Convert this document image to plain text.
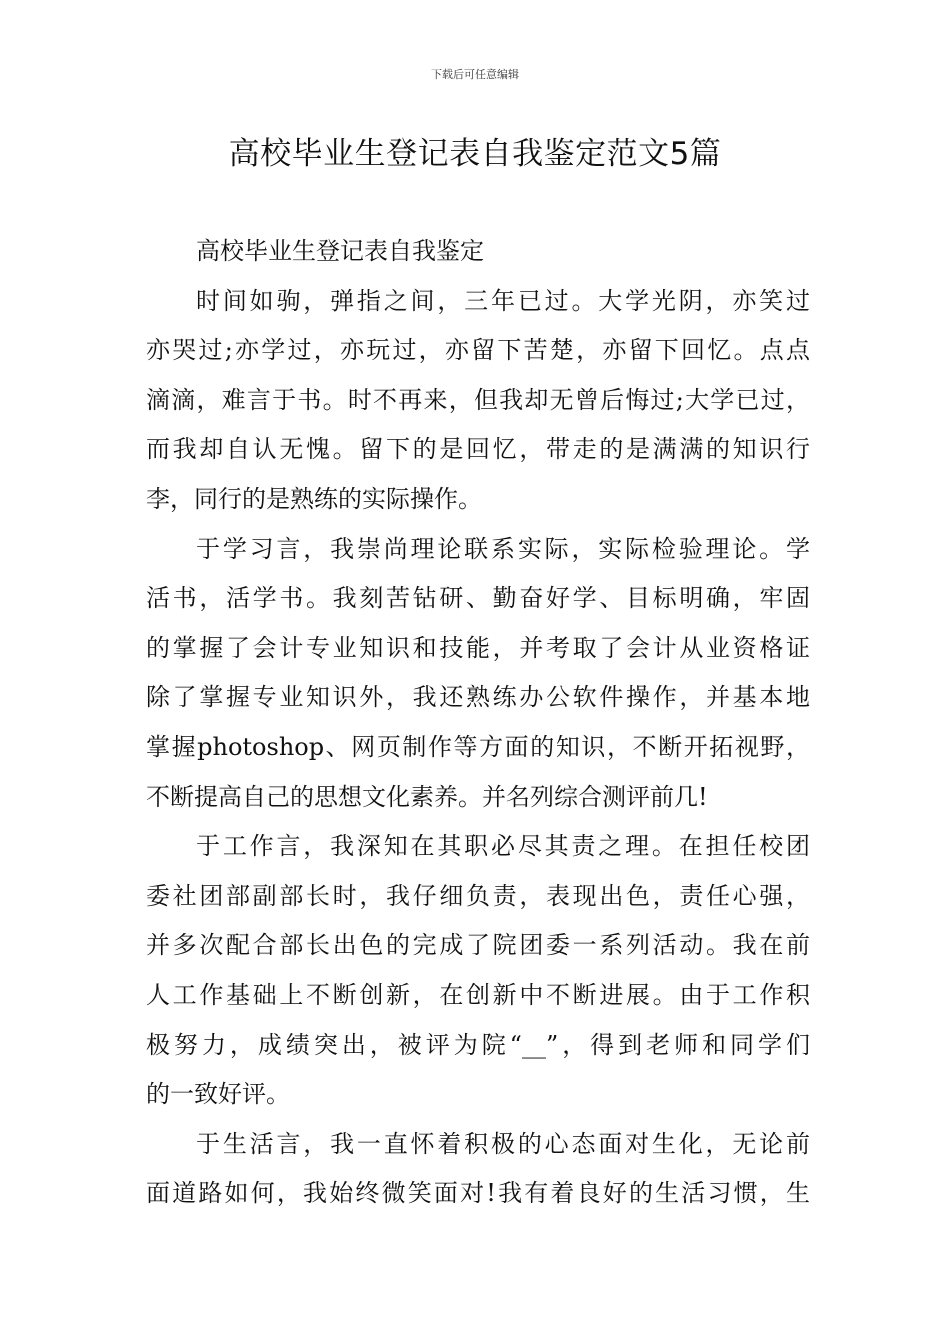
下载后可任意编辑
高校毕业生登记表自我鉴定范文5篇
高校毕业生登记表自我鉴定
时间如驹，弹指之间，三年已过。大学光阴，亦笑过
亦哭过;亦学过，亦玩过，亦留下苦楚，亦留下回忆。点点
滴滴，难言于书。时不再来，但我却无曾后悔过;大学已过，
而我却自认无愧。留下的是回忆，带走的是满满的知识行
李，同行的是熟练的实际操作。
于学习言，我崇尚理论联系实际，实际检验理论。学
活书，活学书。我刻苦钻研、勤奋好学、目标明确，牢固
的掌握了会计专业知识和技能，并考取了会计从业资格证
除了掌握专业知识外，我还熟练办公软件操作，并基本地
掌握photoshop、网页制作等方面的知识，不断开拓视野，
不断提高自己的思想文化素养。并名列综合测评前几!
于工作言，我深知在其职必尽其责之理。在担任校团
委社团部副部长时，我仔细负责，表现出色，责任心强，
并多次配合部长出色的完成了院团委一系列活动。我在前
人工作基础上不断创新，在创新中不断进展。由于工作积
极努力，成绩突出，被评为院“__”，得到老师和同学们
的一致好评。
于生活言，我一直怀着积极的心态面对生化，无论前
面道路如何，我始终微笑面对!我有着良好的生活习惯，生
